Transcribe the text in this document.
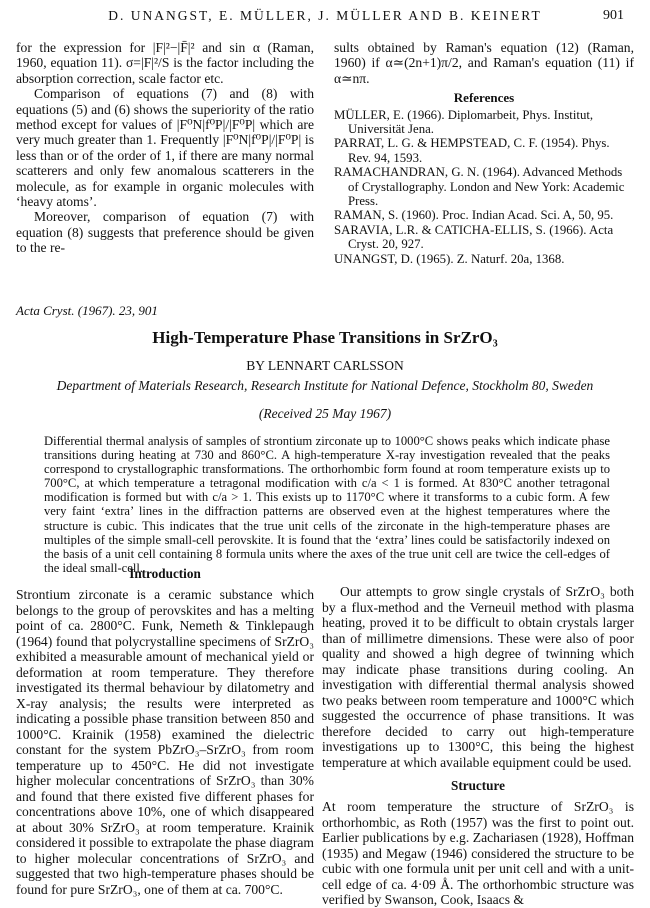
D. UNANGST, E. MÜLLER, J. MÜLLER AND B. KEINERT	901

for the expression for |F|²−|F̄|² and sin α (Raman, 1960, equation 11). σ=|F|²/S is the factor including the absorption correction, scale factor etc.

Comparison of equations (7) and (8) with equations (5) and (6) shows the superiority of the ratio method except for values of |F⁰N|f⁰P|/|F⁰P| which are very much greater than 1. Frequently |F⁰N|f⁰P|/|F⁰P| is less than or of the order of 1, if there are many normal scatterers and only few anomalous scatterers in the molecule, as for example in organic molecules with ‘heavy atoms’.

Moreover, comparison of equation (7) with equation (8) suggests that preference should be given to the re-

sults obtained by Raman's equation (12) (Raman, 1960) if α≃(2n+1)π/2, and Raman's equation (11) if α≃nπ.

References
MÜLLER, E. (1966). Diplomarbeit, Phys. Institut, Universität Jena.
PARRAT, L. G. & HEMPSTEAD, C. F. (1954). Phys. Rev. 94, 1593.
RAMACHANDRAN, G. N. (1964). Advanced Methods of Crystallography. London and New York: Academic Press.
RAMAN, S. (1960). Proc. Indian Acad. Sci. A, 50, 95.
SARAVIA, L.R. & CATICHA-ELLIS, S. (1966). Acta Cryst. 20, 927.
UNANGST, D. (1965). Z. Naturf. 20a, 1368.
Acta Cryst. (1967). 23, 901
High-Temperature Phase Transitions in SrZrO₃
BY LENNART CARLSSON
Department of Materials Research, Research Institute for National Defence, Stockholm 80, Sweden
(Received 25 May 1967)
Differential thermal analysis of samples of strontium zirconate up to 1000°C shows peaks which indicate phase transitions during heating at 730 and 860°C. A high-temperature X-ray investigation revealed that the peaks correspond to crystallographic transformations. The orthorhombic form found at room temperature exists up to 700°C, at which temperature a tetragonal modification with c/a < 1 is formed. At 830°C another tetragonal modification is formed but with c/a > 1. This exists up to 1170°C where it transforms to a cubic form. A few very faint ‘extra’ lines in the diffraction patterns are observed even at the highest temperatures where the structure is cubic. This indicates that the true unit cells of the zirconate in the high-temperature phases are multiples of the simple small-cell perovskite. It is found that the ‘extra’ lines could be satisfactorily indexed on the basis of a unit cell containing 8 formula units where the axes of the true unit cell are twice the cell-edges of the ideal small-cell.
Introduction

Strontium zirconate is a ceramic substance which belongs to the group of perovskites and has a melting point of ca. 2800°C. Funk, Nemeth & Tinklepaugh (1964) found that polycrystalline specimens of SrZrO₃ exhibited a measurable amount of mechanical yield or deformation at room temperature. They therefore investigated its thermal behaviour by dilatometry and X-ray analysis; the results were interpreted as indicating a possible phase transition between 850 and 1000°C. Krainik (1958) examined the dielectric constant for the system PbZrO₃–SrZrO₃ from room temperature up to 450°C. He did not investigate higher molecular concentrations of SrZrO₃ than 30% and found that there existed five different phases for concentrations above 10%, one of which disappeared at about 30% SrZrO₃ at room temperature. Krainik considered it possible to extrapolate the phase diagram to higher molecular concentrations of SrZrO₃ and suggested that two high-temperature phases should be found for pure SrZrO₃, one of them at ca. 700°C.

Our attempts to grow single crystals of SrZrO₃ both by a flux-method and the Verneuil method with plasma heating, proved it to be difficult to obtain crystals larger than of millimetre dimensions. These were also of poor quality and showed a high degree of twinning which may indicate phase transitions during cooling. An investigation with differential thermal analysis showed two peaks between room temperature and 1000°C which suggested the occurrence of phase transitions. It was therefore decided to carry out high-temperature investigations up to 1300°C, this being the highest temperature at which available equipment could be used.

Structure

At room temperature the structure of SrZrO₃ is orthorhombic, as Roth (1957) was the first to point out. Earlier publications by e.g. Zachariasen (1928), Hoffman (1935) and Megaw (1946) considered the structure to be cubic with one formula unit per unit cell and with a unit-cell edge of ca. 4·09 Å. The orthorhombic structure was verified by Swanson, Cook, Isaacs &
